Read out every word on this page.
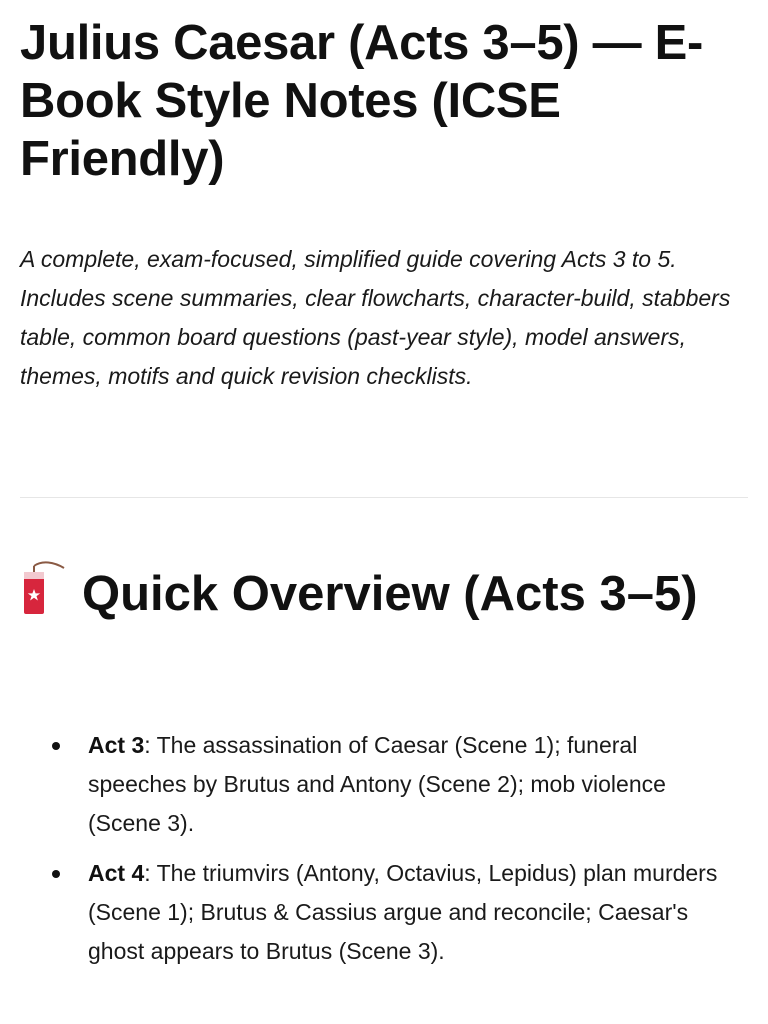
Julius Caesar (Acts 3–5) — E-Book Style Notes (ICSE Friendly)

A complete, exam-focused, simplified guide covering Acts 3 to 5. Includes scene summaries, clear flowcharts, character-build, stabbers table, common board questions (past-year style), model answers, themes, motifs and quick revision checklists.

Quick Overview (Acts 3–5)
Act 3: The assassination of Caesar (Scene 1); funeral speeches by Brutus and Antony (Scene 2); mob violence (Scene 3).
Act 4: The triumvirs (Antony, Octavius, Lepidus) plan murders (Scene 1); Brutus & Cassius argue and reconcile; Caesar's ghost appears to Brutus (Scene 3).
